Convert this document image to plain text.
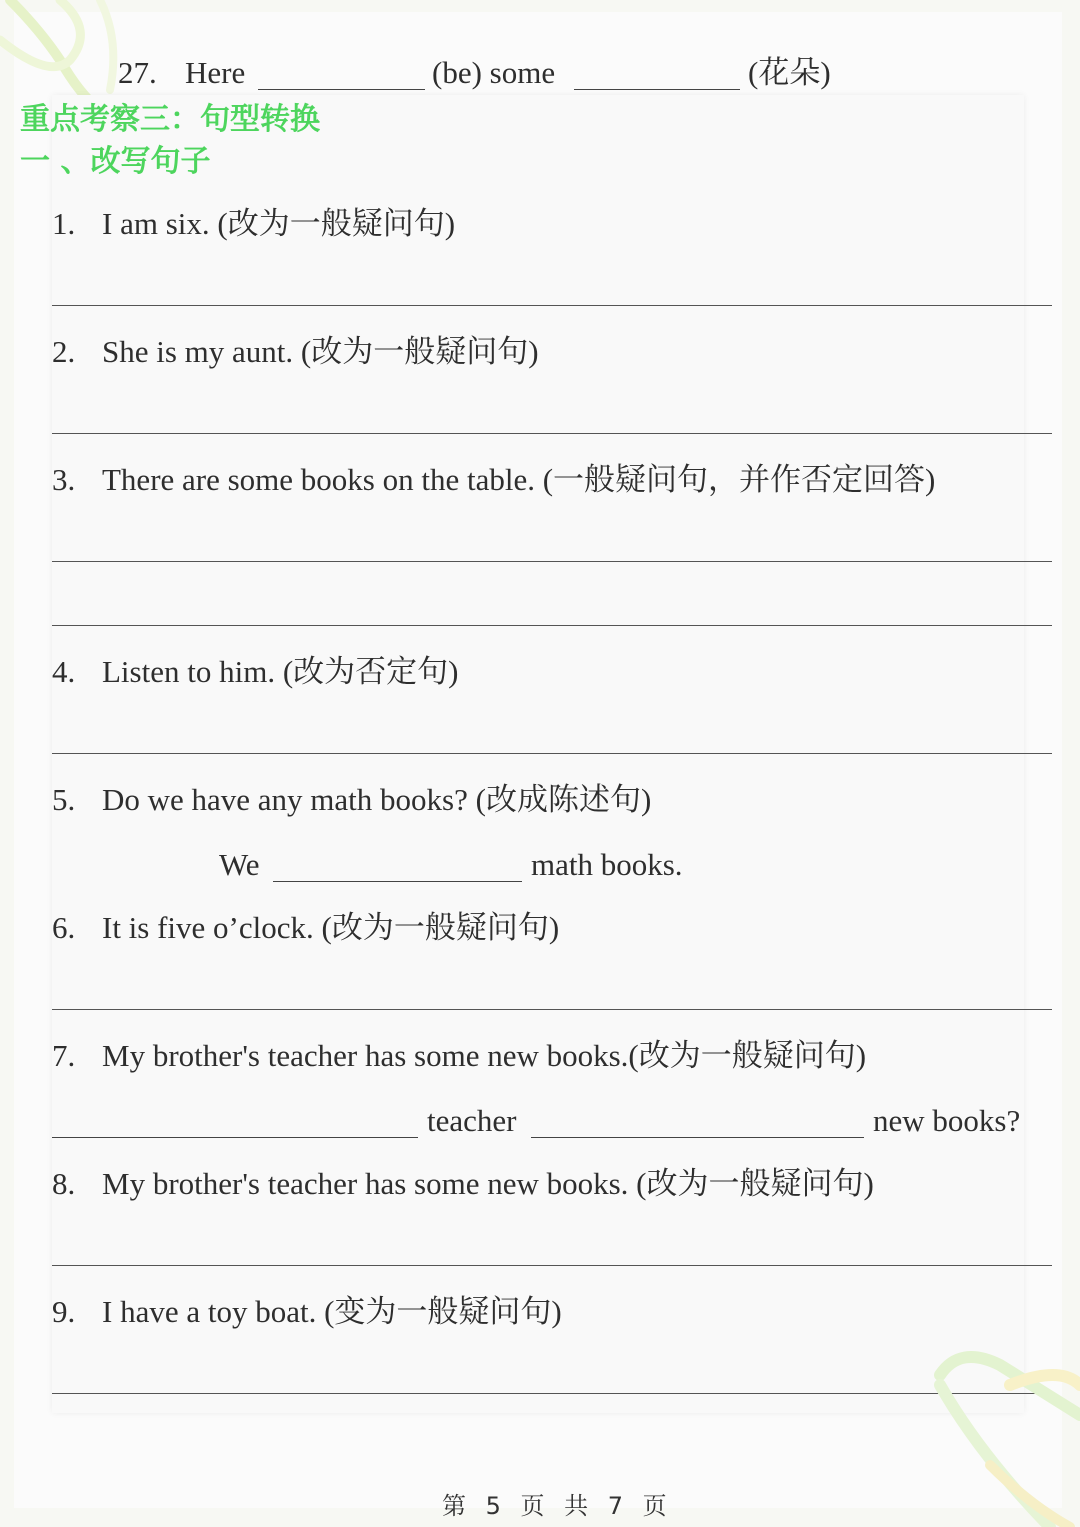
27. Here	(be) some	(花朵)
重点考察三：句型转换
一 、改写句子
1. I am six. (改为一般疑问句)
2. She is my aunt. (改为一般疑问句)
3. There are some books on the table. (一般疑问句，并作否定回答)
4. Listen to him. (改为否定句)
5. Do we have any math books? (改成陈述句)
We	math books.
6. It is five o’clock. (改为一般疑问句)
7. My brother's teacher has some new books.(改为一般疑问句)
teacher	new books?
8. My brother's teacher has some new books. (改为一般疑问句)
9. I have a toy boat. (变为一般疑问句)
第 5 页 共 7 页
